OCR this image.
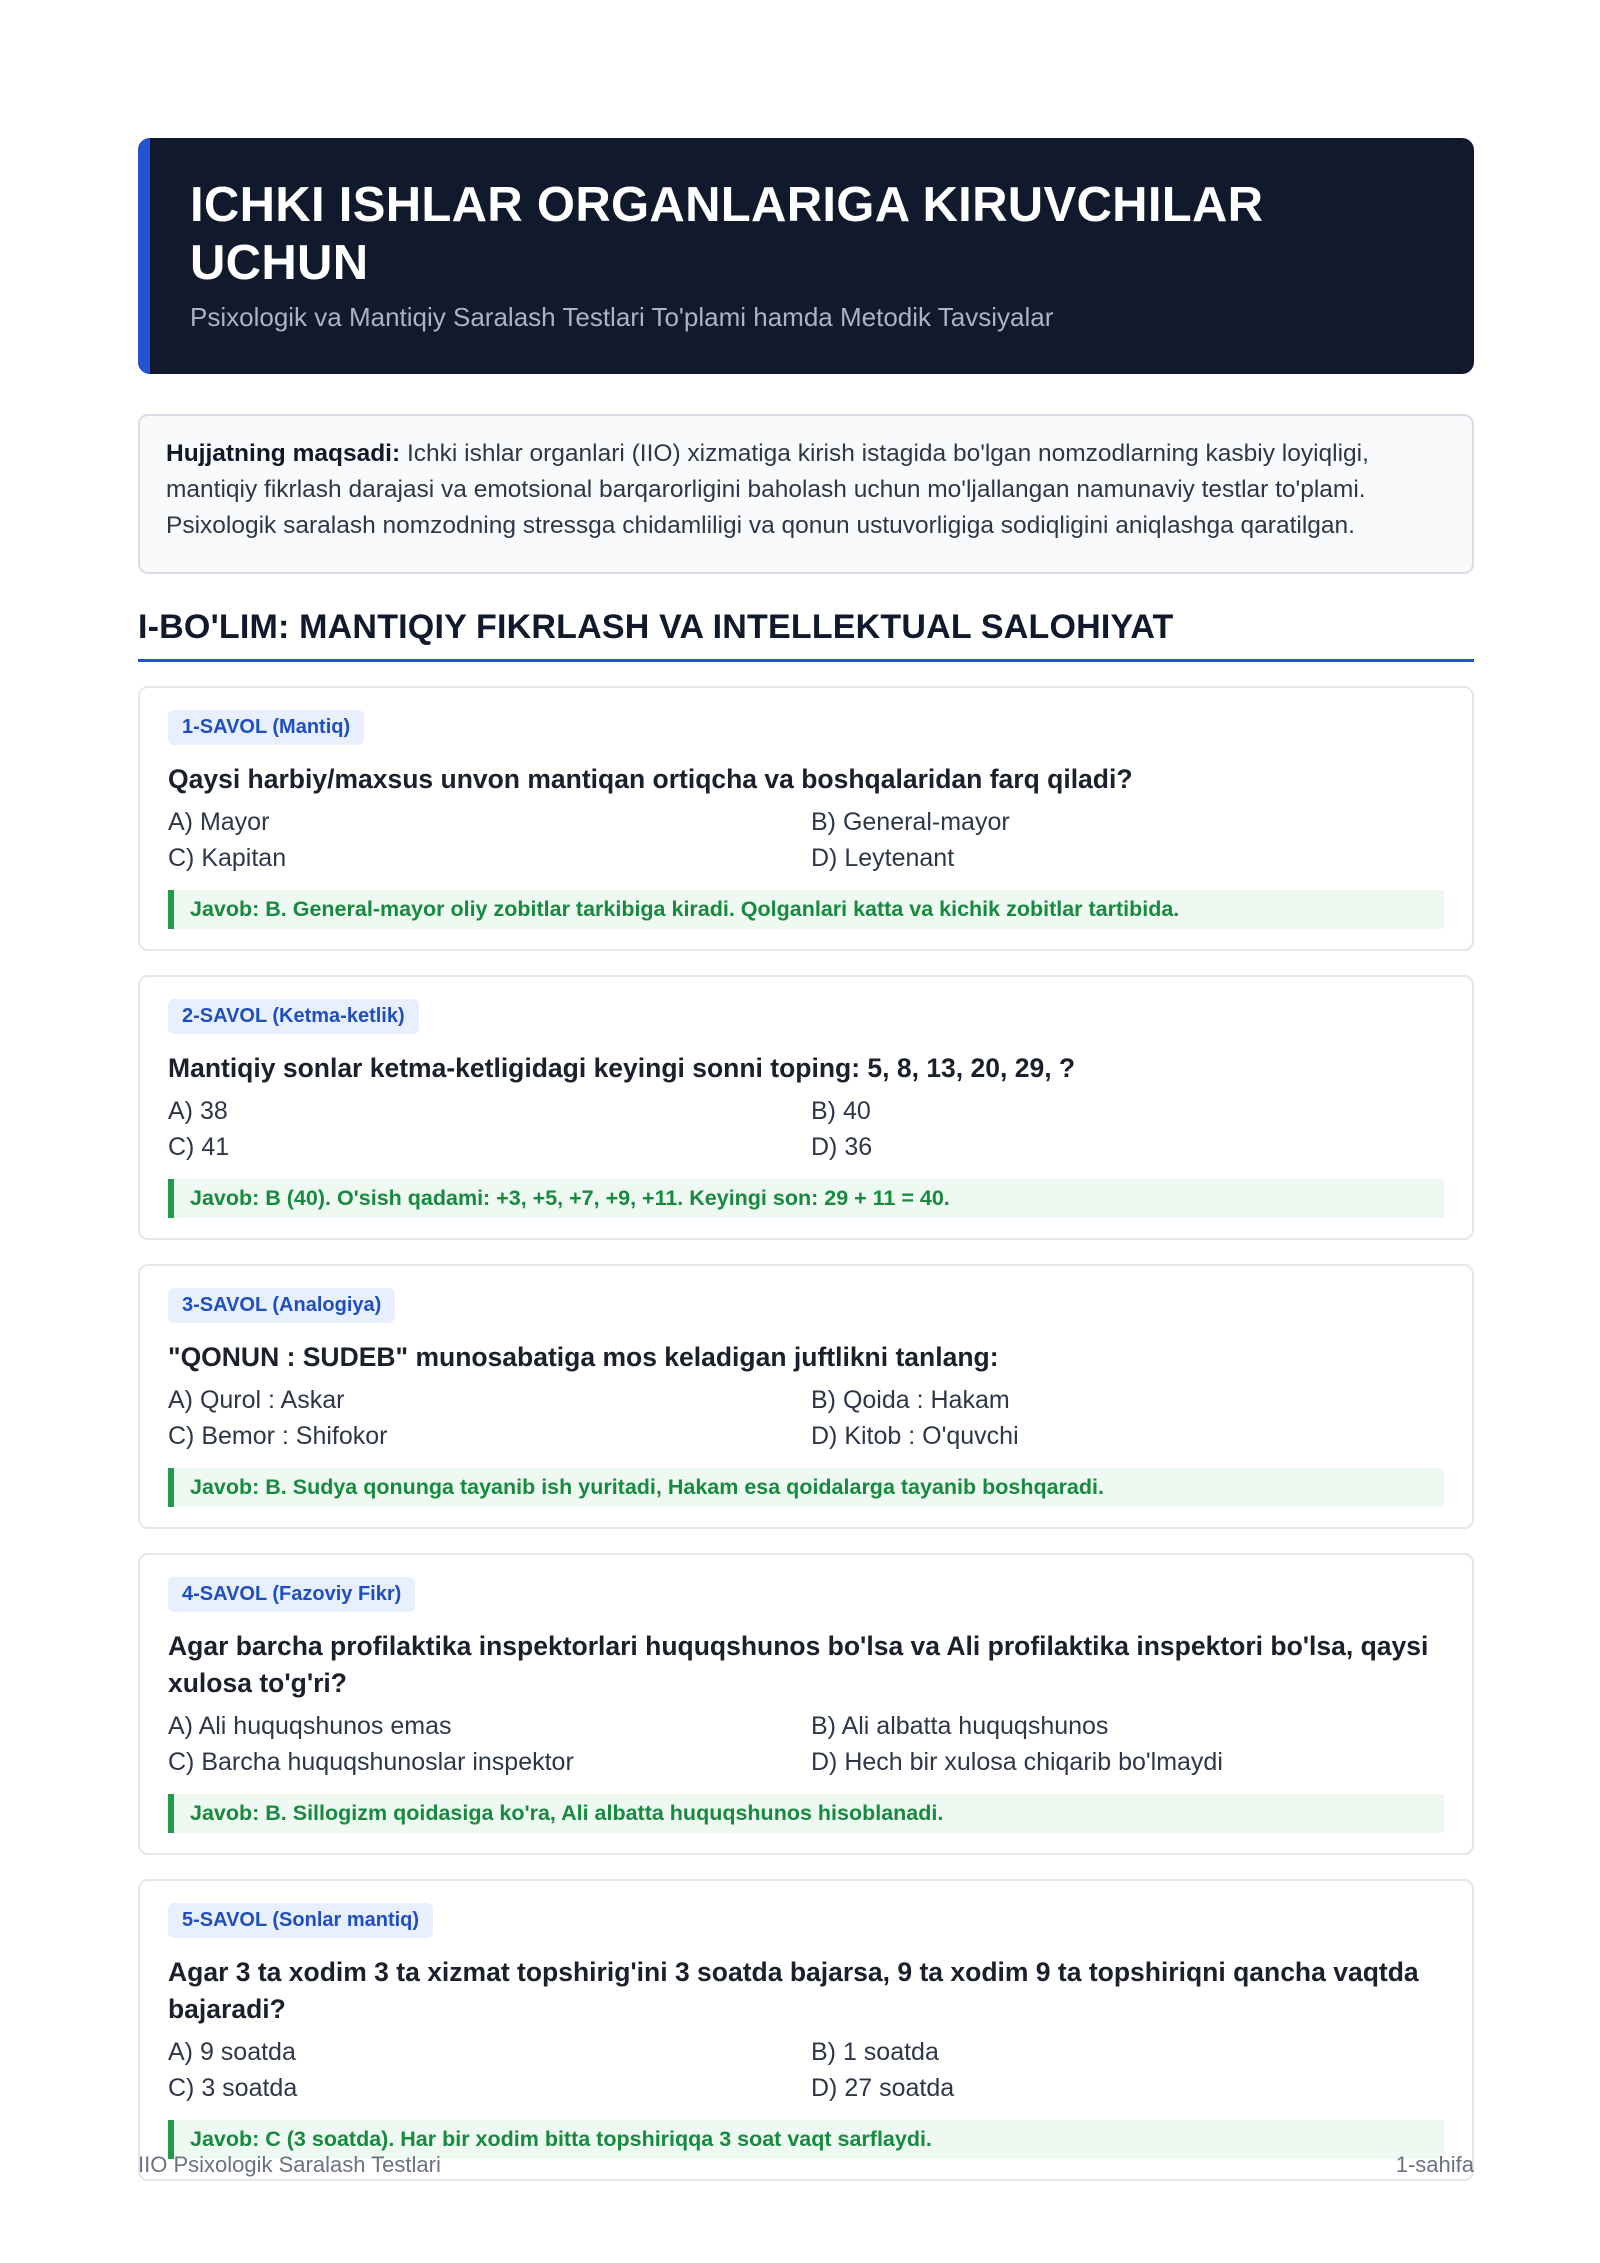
ICHKI ISHLAR ORGANLARIGA KIRUVCHILAR UCHUN
Psixologik va Mantiqiy Saralash Testlari To'plami hamda Metodik Tavsiyalar
Hujjatning maqsadi: Ichki ishlar organlari (IIO) xizmatiga kirish istagida bo'lgan nomzodlarning kasbiy loyiqligi, mantiqiy fikrlash darajasi va emotsional barqarorligini baholash uchun mo'ljallangan namunaviy testlar to'plami. Psixologik saralash nomzodning stressga chidamliligi va qonun ustuvorligiga sodiqligini aniqlashga qaratilgan.
I-BO'LIM: MANTIQIY FIKRLASH VA INTELLEKTUAL SALOHIYAT
1-SAVOL (Mantiq)
Qaysi harbiy/maxsus unvon mantiqan ortiqcha va boshqalaridan farq qiladi?
A) Mayor	B) General-mayor
C) Kapitan	D) Leytenant
Javob: B. General-mayor oliy zobitlar tarkibiga kiradi. Qolganlari katta va kichik zobitlar tartibida.
2-SAVOL (Ketma-ketlik)
Mantiqiy sonlar ketma-ketligidagi keyingi sonni toping: 5, 8, 13, 20, 29, ?
A) 38	B) 40
C) 41	D) 36
Javob: B (40). O'sish qadami: +3, +5, +7, +9, +11. Keyingi son: 29 + 11 = 40.
3-SAVOL (Analogiya)
"QONUN : SUDEB" munosabatiga mos keladigan juftlikni tanlang:
A) Qurol : Askar	B) Qoida : Hakam
C) Bemor : Shifokor	D) Kitob : O'quvchi
Javob: B. Sudya qonunga tayanib ish yuritadi, Hakam esa qoidalarga tayanib boshqaradi.
4-SAVOL (Fazoviy Fikr)
Agar barcha profilaktika inspektorlari huquqshunos bo'lsa va Ali profilaktika inspektori bo'lsa, qaysi xulosa to'g'ri?
A) Ali huquqshunos emas	B) Ali albatta huquqshunos
C) Barcha huquqshunoslar inspektor	D) Hech bir xulosa chiqarib bo'lmaydi
Javob: B. Sillogizm qoidasiga ko'ra, Ali albatta huquqshunos hisoblanadi.
5-SAVOL (Sonlar mantiq)
Agar 3 ta xodim 3 ta xizmat topshirig'ini 3 soatda bajarsa, 9 ta xodim 9 ta topshiriqni qancha vaqtda bajaradi?
A) 9 soatda	B) 1 soatda
C) 3 soatda	D) 27 soatda
Javob: C (3 soatda). Har bir xodim bitta topshiriqqa 3 soat vaqt sarflaydi.
IIO Psixologik Saralash Testlari	1-sahifa
